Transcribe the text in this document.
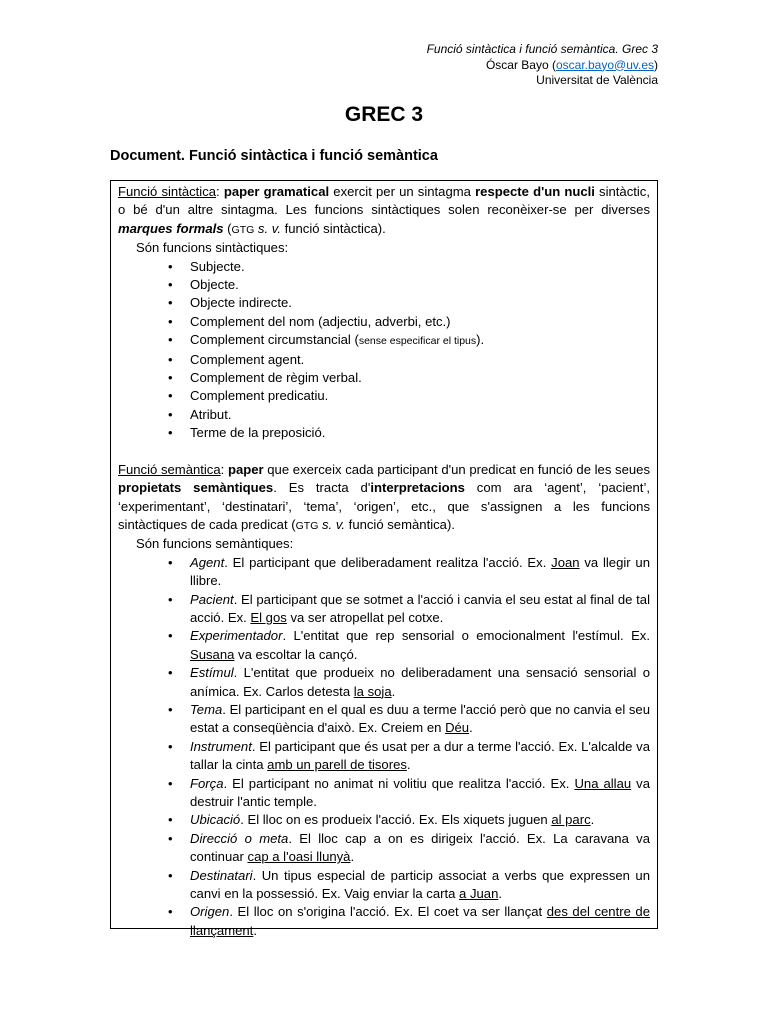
Funció sintàctica i funció semàntica. Grec 3
Óscar Bayo (oscar.bayo@uv.es)
Universitat de València
GREC 3
Document. Funció sintàctica i funció semàntica

Funció sintàctica: paper gramatical exercit per un sintagma respecte d'un nucli sintàctic, o bé d'un altre sintagma. Les funcions sintàctiques solen reconèixer-se per diverses marques formals (GTG s. v. funció sintàctica).

Són funcions sintàctiques:

• Subjecte.
• Objecte.
• Objecte indirecte.
• Complement del nom (adjectiu, adverbi, etc.)
• Complement circumstancial (sense especificar el tipus).
• Complement agent.
• Complement de règim verbal.
• Complement predicatiu.
• Atribut.
• Terme de la preposició.

Funció semàntica: paper que exerceix cada participant d'un predicat en funció de les seues propietats semàntiques. Es tracta d'interpretacions com ara ‘agent’, ‘pacient’, ‘experimentant’, ‘destinatari’, ‘tema’, ‘origen’, etc., que s'assignen a les funcions sintàctiques de cada predicat (GTG s. v. funció semàntica).

Són funcions semàntiques:

• Agent. El participant que deliberadament realitza l'acció. Ex. Joan va llegir un llibre.
• Pacient. El participant que se sotmet a l'acció i canvia el seu estat al final de tal acció. Ex. El gos va ser atropellat pel cotxe.
• Experimentador. L'entitat que rep sensorial o emocionalment l'estímul. Ex. Susana va escoltar la cançó.
• Estímul. L'entitat que produeix no deliberadament una sensació sensorial o anímica. Ex. Carlos detesta la soja.
• Tema. El participant en el qual es duu a terme l'acció però que no canvia el seu estat a conseqüència d'això. Ex. Creiem en Déu.
• Instrument. El participant que és usat per a dur a terme l'acció. Ex. L'alcalde va tallar la cinta amb un parell de tisores.
• Força. El participant no animat ni volitiu que realitza l'acció. Ex. Una allau va destruir l'antic temple.
• Ubicació. El lloc on es produeix l'acció. Ex. Els xiquets juguen al parc.
• Direcció o meta. El lloc cap a on es dirigeix l'acció. Ex. La caravana va continuar cap a l'oasi llunyà.
• Destinatari. Un tipus especial de particip associat a verbs que expressen un canvi en la possessió. Ex. Vaig enviar la carta a Juan.
• Origen. El lloc on s'origina l'acció. Ex. El coet va ser llançat des del centre de llançament.
